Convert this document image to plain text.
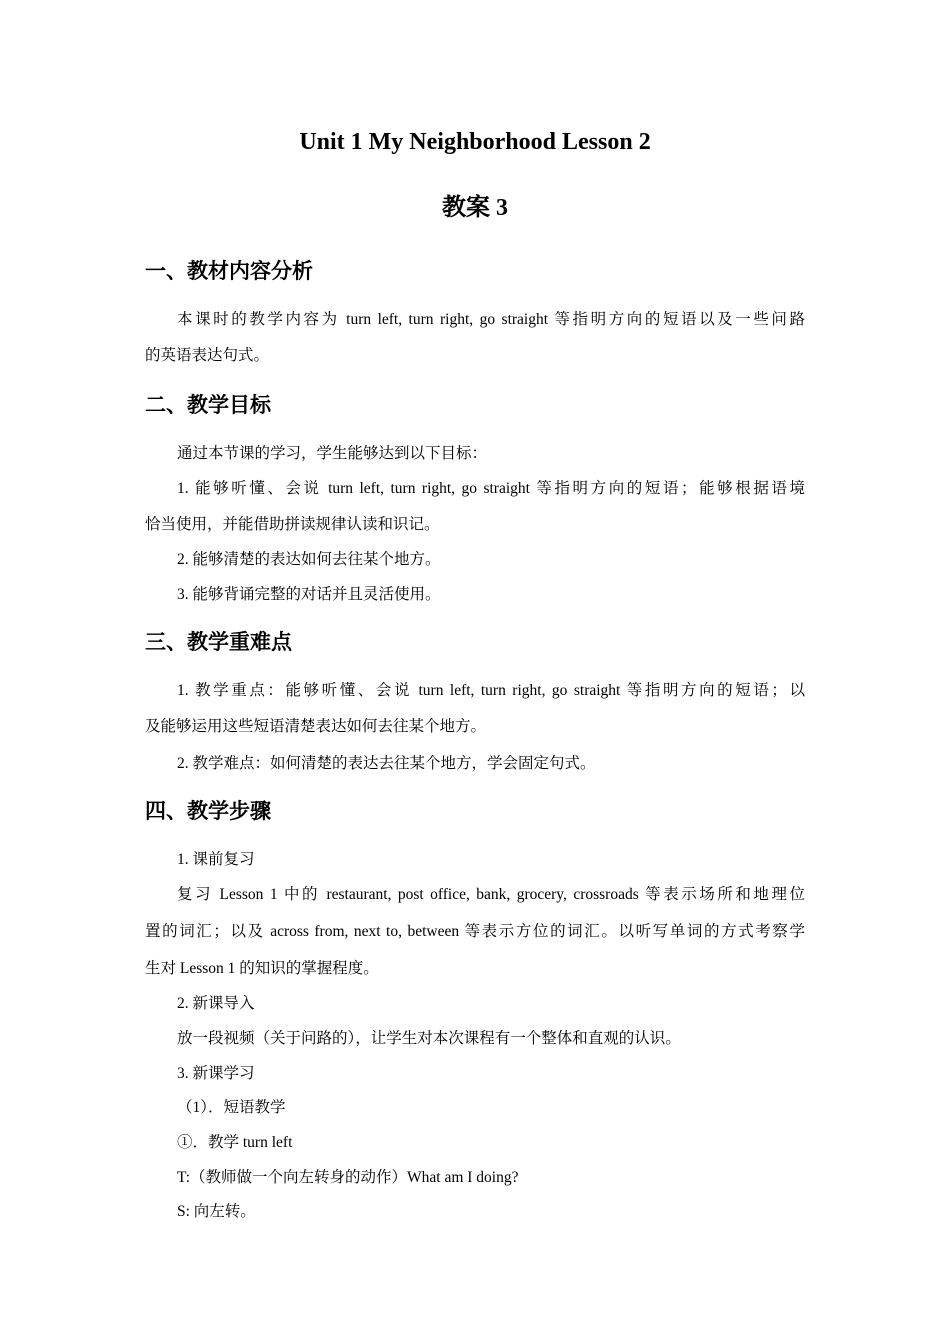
Unit 1 My Neighborhood Lesson 2
教案 3
一、教材内容分析

本课时的教学内容为 turn left, turn right, go straight 等指明方向的短语以及一些问路

的英语表达句式。

二、教学目标

通过本节课的学习，学生能够达到以下目标：

1. 能够听懂、会说 turn left, turn right, go straight 等指明方向的短语；能够根据语境

恰当使用，并能借助拼读规律认读和识记。

2. 能够清楚的表达如何去往某个地方。

3. 能够背诵完整的对话并且灵活使用。

三、教学重难点

1. 教学重点：能够听懂、会说 turn left, turn right, go straight 等指明方向的短语；以

及能够运用这些短语清楚表达如何去往某个地方。

2. 教学难点：如何清楚的表达去往某个地方，学会固定句式。

四、教学步骤

1. 课前复习

复习 Lesson 1 中的 restaurant, post office, bank, grocery, crossroads 等表示场所和地理位

置的词汇；以及 across from, next to, between 等表示方位的词汇。以听写单词的方式考察学

生对 Lesson 1 的知识的掌握程度。

2. 新课导入

放一段视频（关于问路的），让学生对本次课程有一个整体和直观的认识。

3. 新课学习

（1）．短语教学

①．教学 turn left

T:（教师做一个向左转身的动作）What am I doing?

S: 向左转。
